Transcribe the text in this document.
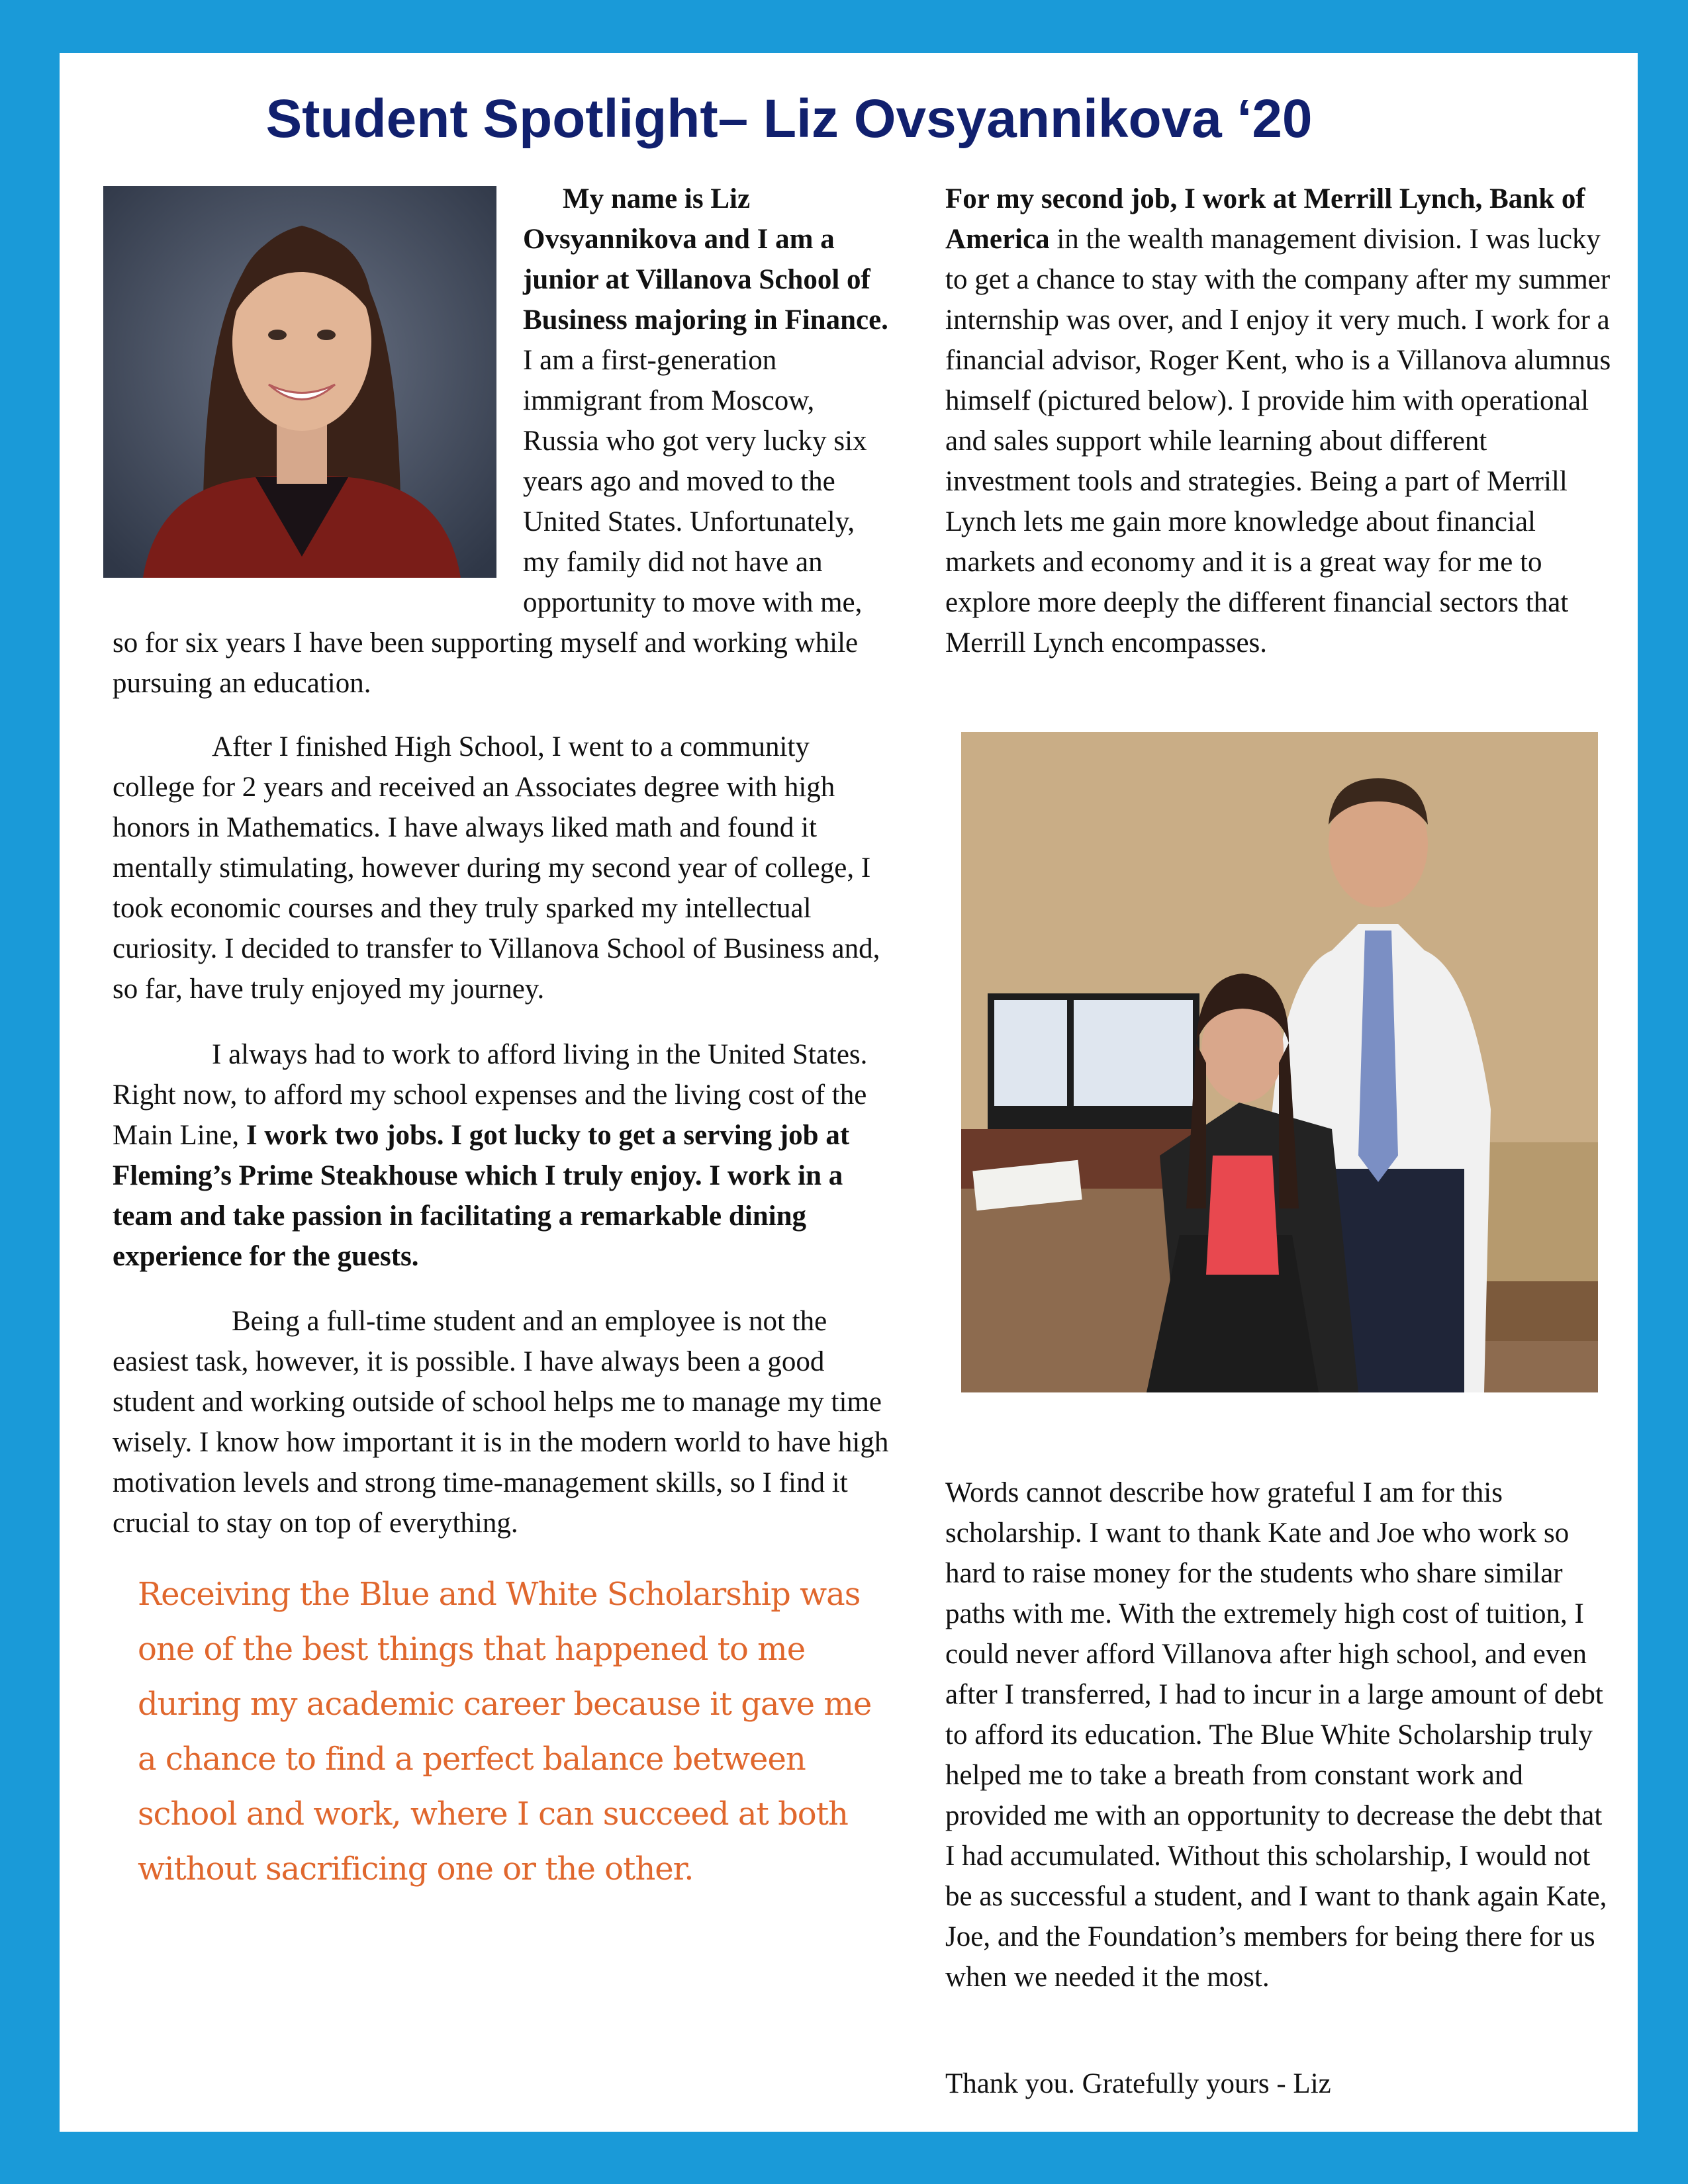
Student Spotlight– Liz Ovsyannikova ‘20

My name is Liz Ovsyannikova and I am a junior at Villanova School of Business majoring in Finance. I am a first-generation immigrant from Moscow, Russia who got very lucky six years ago and moved to the United States. Unfortunately, my family did not have an opportunity to move with me, so for six years I have been supporting myself and working while pursuing an education.

After I finished High School, I went to a community college for 2 years and received an Associates degree with high honors in Mathematics. I have always liked math and found it mentally stimulating, however during my second year of college, I took economic courses and they truly sparked my intellectual curiosity. I decided to transfer to Villanova School of Business and, so far, have truly enjoyed my journey.

I always had to work to afford living in the United States. Right now, to afford my school expenses and the living cost of the Main Line, I work two jobs. I got lucky to get a serving job at Fleming’s Prime Steakhouse which I truly enjoy. I work in a team and take passion in facilitating a remarkable dining experience for the guests.

Being a full-time student and an employee is not the easiest task, however, it is possible. I have always been a good student and working outside of school helps me to manage my time wisely. I know how important it is in the modern world to have high motivation levels and strong time-management skills, so I find it crucial to stay on top of everything.

Receiving the Blue and White Scholarship was one of the best things that happened to me during my academic career because it gave me a chance to find a perfect balance between school and work, where I can succeed at both without sacrificing one or the other.

For my second job, I work at Merrill Lynch, Bank of America in the wealth management division. I was lucky to get a chance to stay with the company after my summer internship was over, and I enjoy it very much. I work for a financial advisor, Roger Kent, who is a Villanova alumnus himself (pictured below). I provide him with operational and sales support while learning about different investment tools and strategies. Being a part of Merrill Lynch lets me gain more knowledge about financial markets and economy and it is a great way for me to explore more deeply the different financial sectors that Merrill Lynch encompasses.

Words cannot describe how grateful I am for this scholarship. I want to thank Kate and Joe who work so hard to raise money for the students who share similar paths with me. With the extremely high cost of tuition, I could never afford Villanova after high school, and even after I transferred, I had to incur in a large amount of debt to afford its education. The Blue White Scholarship truly helped me to take a breath from constant work and provided me with an opportunity to decrease the debt that I had accumulated. Without this scholarship, I would not be as successful a student, and I want to thank again Kate, Joe, and the Foundation’s members for being there for us when we needed it the most.

Thank you. Gratefully yours - Liz
